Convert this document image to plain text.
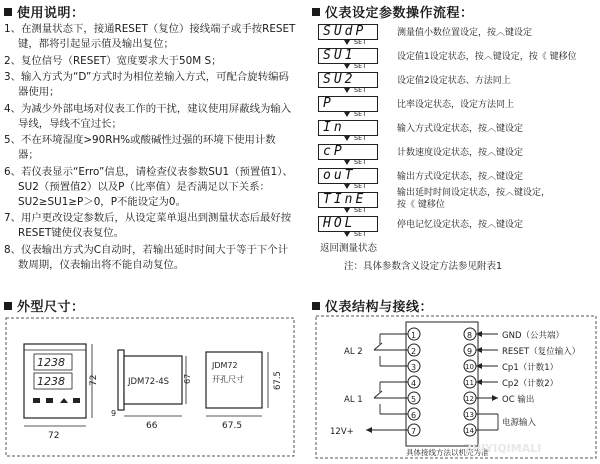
使用说明：
1、在测量状态下，接通RESET（复位）接线端子或手按RESET键，都将引起显示值及输出复位；
2、复位信号（RESET）宽度要求大于50M S；
3、输入方式为“D”方式时为相位差输入方式，可配合旋转编码器使用；
4、为减少外部电场对仪表工作的干扰，建议使用屏蔽线为输入导线，导线不宜过长；
5、不在环境湿度>90RH%或酸碱性过强的环境下使用计数器；
6、若仪表显示“Erro”信息，请检查仪表参数SU1（预置值1）、SU2（预置值2）以及P（比率值）是否满足以下关系：SU2≥SU1≥P＞0，P不能设定为0。
7、用户更改设定参数后，从设定菜单退出到测量状态后最好按RESET键使仪表复位。
8、仪表输出方式为C自动时，若输出延时时间大于等于下个计数周期，仪表输出将不能自动复位。
仪表设定参数操作流程：
SUdP	测量值小数位置设定，按︿键设定
SET
SU1	设定值1设定状态，按︿键设定，按《 键移位
SET
SU2	设定值2设定状态、方法同上
SET
P	比率设定状态，设定方法同上
SET
In	输入方式设定状态，按︿键设定
SET
cP	计数速度设定状态，按︿键设定
SET
ouT	输出方式设定状态，按︿键设定
SET
TInE	输出延时时间设定状态，按︿键设定，
按《 键移位
SET
HOL	停电记忆设定状态，按︿键设定
SET
返回测量状态
注：具体参数含义设定方法参见附表1
外型尺寸：
1238
1238	72
72
JDM72-4S
66
9
67
JDM72
开孔尺寸	67.5
67.5
仪表结构与接线：
1
2
3
4
5
6
7
8
9
10
11
12
13
14
AL 2
AL 1
12V+
GND（公共端）
RESET（复位输入）
Cp1（计数1）
Cp2（计数2）
OC 输出
电源输入
具体接线方法以机壳为准
ZHIYIQIMALI
